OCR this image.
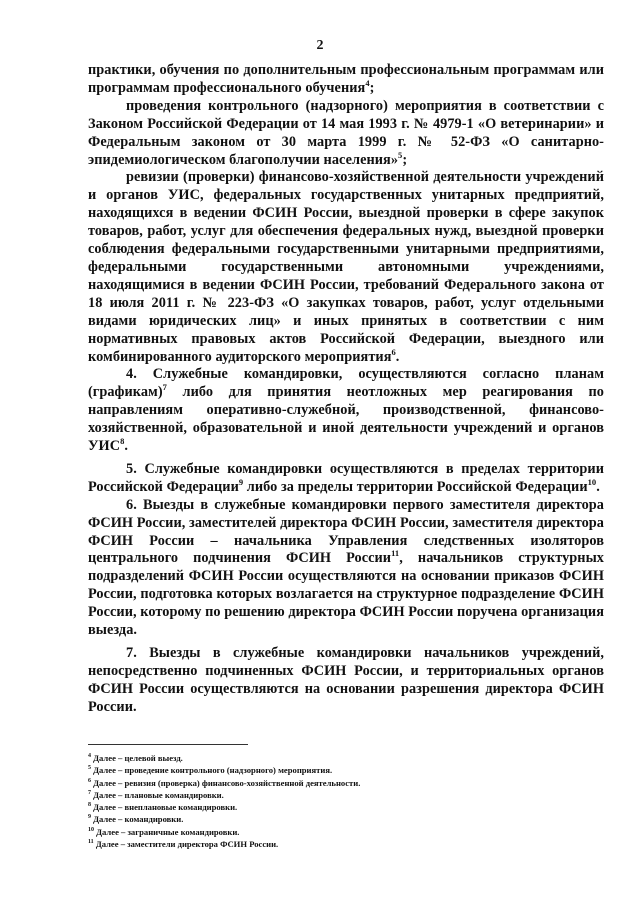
2

практики, обучения по дополнительным профессиональным программам или программам профессионального обучения$^4$;

проведения контрольного (надзорного) мероприятия в соответствии с Законом Российской Федерации от 14 мая 1993 г. № 4979-1 «О ветеринарии» и Федеральным законом от 30 марта 1999 г. № 52-ФЗ «О санитарно-эпидемиологическом благополучии населения»$^5$;

ревизии (проверки) финансово-хозяйственной деятельности учреждений и органов УИС, федеральных государственных унитарных предприятий, находящихся в ведении ФСИН России, выездной проверки в сфере закупок товаров, работ, услуг для обеспечения федеральных нужд, выездной проверки соблюдения федеральными государственными унитарными предприятиями, федеральными государственными автономными учреждениями, находящимися в ведении ФСИН России, требований Федерального закона от 18 июля 2011 г. № 223-ФЗ «О закупках товаров, работ, услуг отдельными видами юридических лиц» и иных принятых в соответствии с ним нормативных правовых актов Российской Федерации, выездного или комбинированного аудиторского мероприятия$^6$.

4. Служебные командировки, осуществляются согласно планам (графикам)$^7$ либо для принятия неотложных мер реагирования по направлениям оперативно-служебной, производственной, финансово-хозяйственной, образовательной и иной деятельности учреждений и органов УИС$^8$.

5. Служебные командировки осуществляются в пределах территории Российской Федерации$^9$ либо за пределы территории Российской Федерации$^{10}$.

6. Выезды в служебные командировки первого заместителя директора ФСИН России, заместителей директора ФСИН России, заместителя директора ФСИН России – начальника Управления следственных изоляторов центрального подчинения ФСИН России$^{11}$, начальников структурных подразделений ФСИН России осуществляются на основании приказов ФСИН России, подготовка которых возлагается на структурное подразделение ФСИН России, которому по решению директора ФСИН России поручена организация выезда.

7. Выезды в служебные командировки начальников учреждений, непосредственно подчиненных ФСИН России, и территориальных органов ФСИН России осуществляются на основании разрешения директора ФСИН России.

$^4$ Далее – целевой выезд.
$^5$ Далее – проведение контрольного (надзорного) мероприятия.
$^6$ Далее – ревизия (проверка) финансово-хозяйственной деятельности.
$^7$ Далее – плановые командировки.
$^8$ Далее – внеплановые командировки.
$^9$ Далее – командировки.
$^{10}$ Далее – заграничные командировки.
$^{11}$ Далее – заместители директора ФСИН России.
